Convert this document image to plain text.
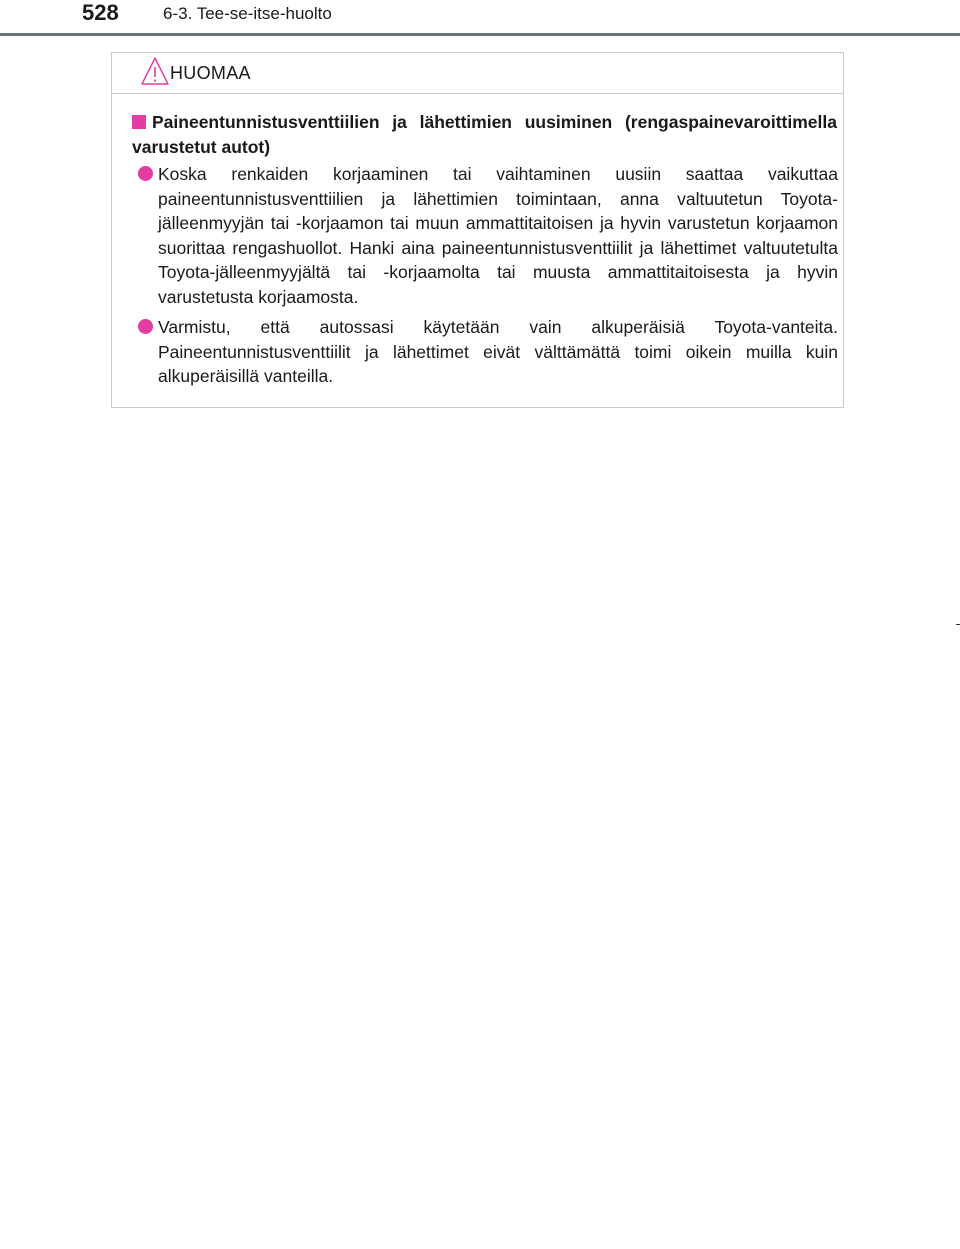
528	6-3. Tee-se-itse-huolto
HUOMAA
Paineentunnistusventtiilien ja lähettimien uusiminen (rengaspainevaroittimella varustetut autot)
Koska renkaiden korjaaminen tai vaihtaminen uusiin saattaa vaikuttaa paineentunnistusventtiilien ja lähettimien toimintaan, anna valtuutetun Toyota-jälleenmyyjän tai -korjaamon tai muun ammattitaitoisen ja hyvin varustetun korjaamon suorittaa rengashuollot. Hanki aina paineentunnistusventtiilit ja lähettimet valtuutetulta Toyota-jälleenmyyjältä tai -korjaamolta tai muusta ammattitaitoisesta ja hyvin varustetusta korjaamosta.
Varmistu, että autossasi käytetään vain alkuperäisiä Toyota-vanteita. Paineentunnistusventtiilit ja lähettimet eivät välttämättä toimi oikein muilla kuin alkuperäisillä vanteilla.
